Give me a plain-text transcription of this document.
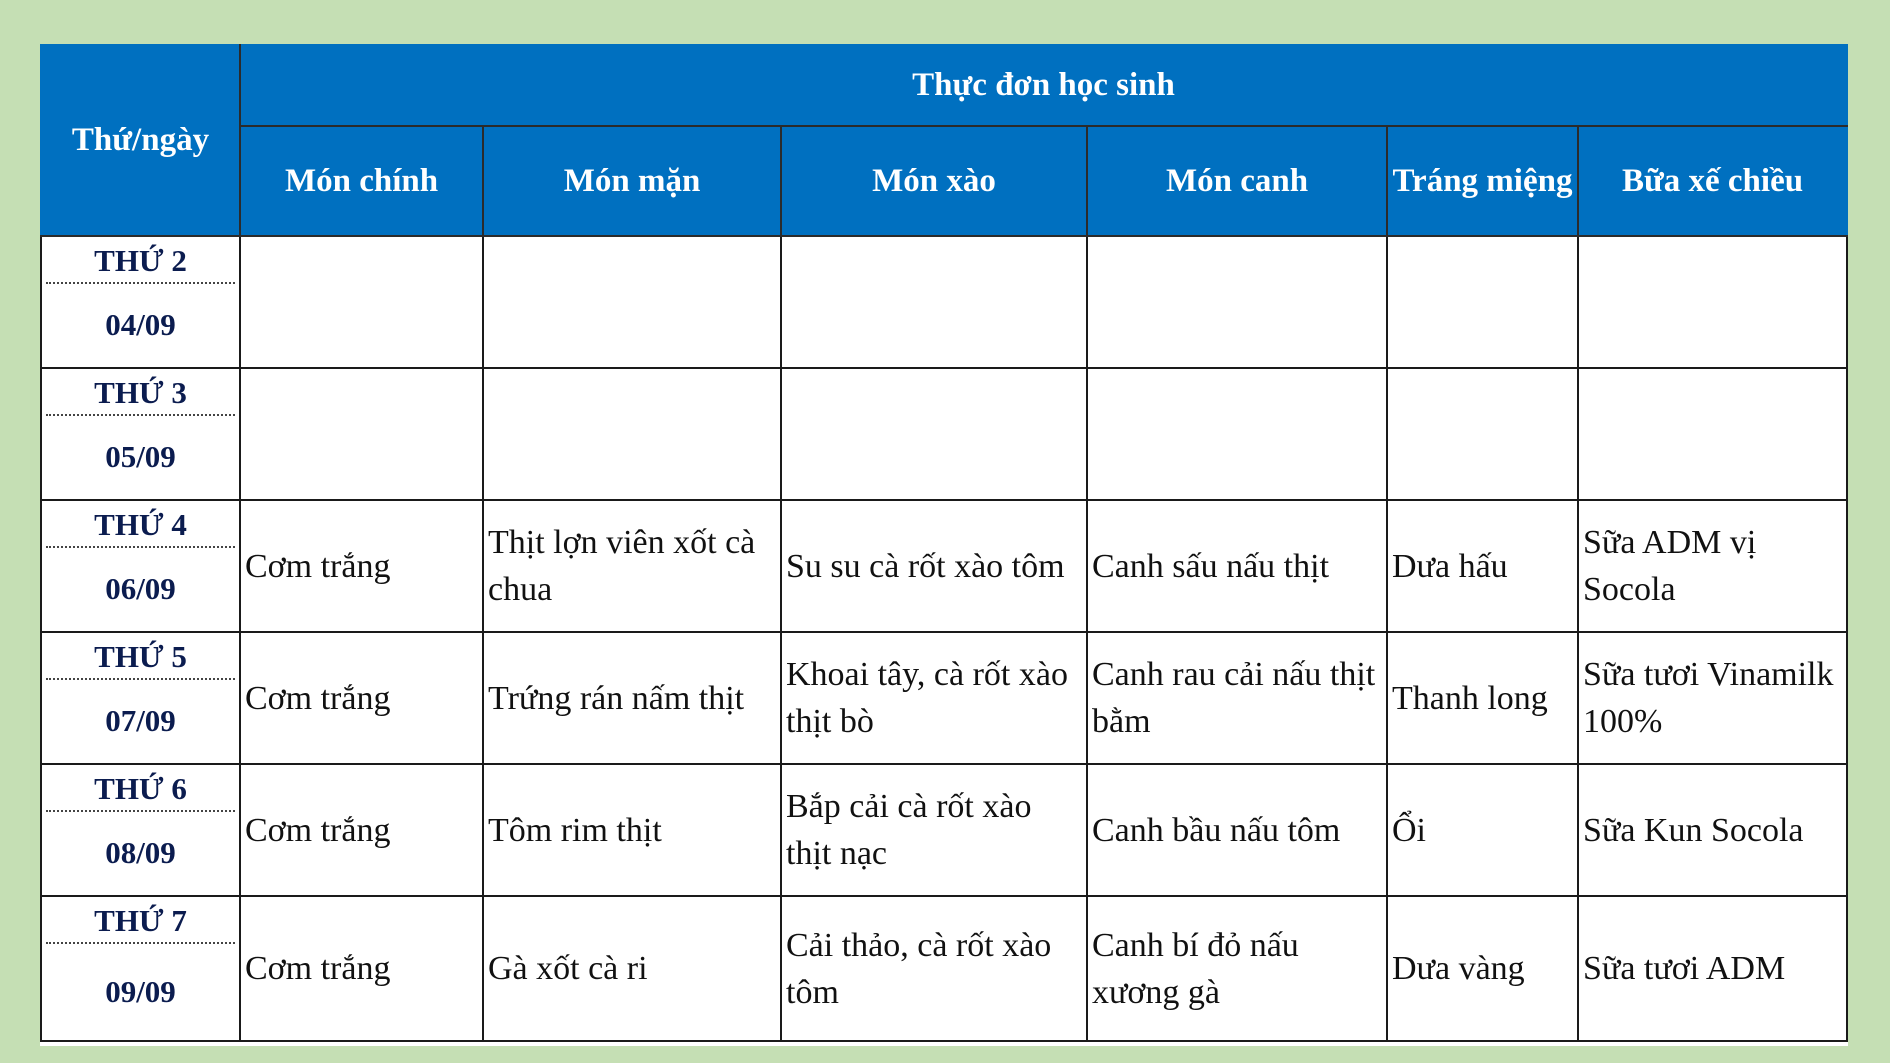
Thứ/ngày	Thực đơn học sinh					
	Món chính	Món mặn	Món xào	Món canh	Tráng miệng	Bữa xế chiều

THỨ 2
04/09						

THỨ 3
05/09						

THỨ 4
06/09	Cơm trắng	Thịt lợn viên xốt cà chua	Su su cà rốt xào tôm	Canh sấu nấu thịt	Dưa hấu	Sữa ADM vị Socola

THỨ 5
07/09	Cơm trắng	Trứng rán nấm thịt	Khoai tây, cà rốt xào thịt bò	Canh rau cải nấu thịt bằm	Thanh long	Sữa tươi Vinamilk 100%

THỨ 6
08/09	Cơm trắng	Tôm rim thịt	Bắp cải cà rốt xào thịt nạc	Canh bầu nấu tôm	Ổi	Sữa Kun Socola

THỨ 7
09/09	Cơm trắng	Gà xốt cà ri	Cải thảo, cà rốt xào tôm	Canh bí đỏ nấu xương gà	Dưa vàng	Sữa tươi ADM
